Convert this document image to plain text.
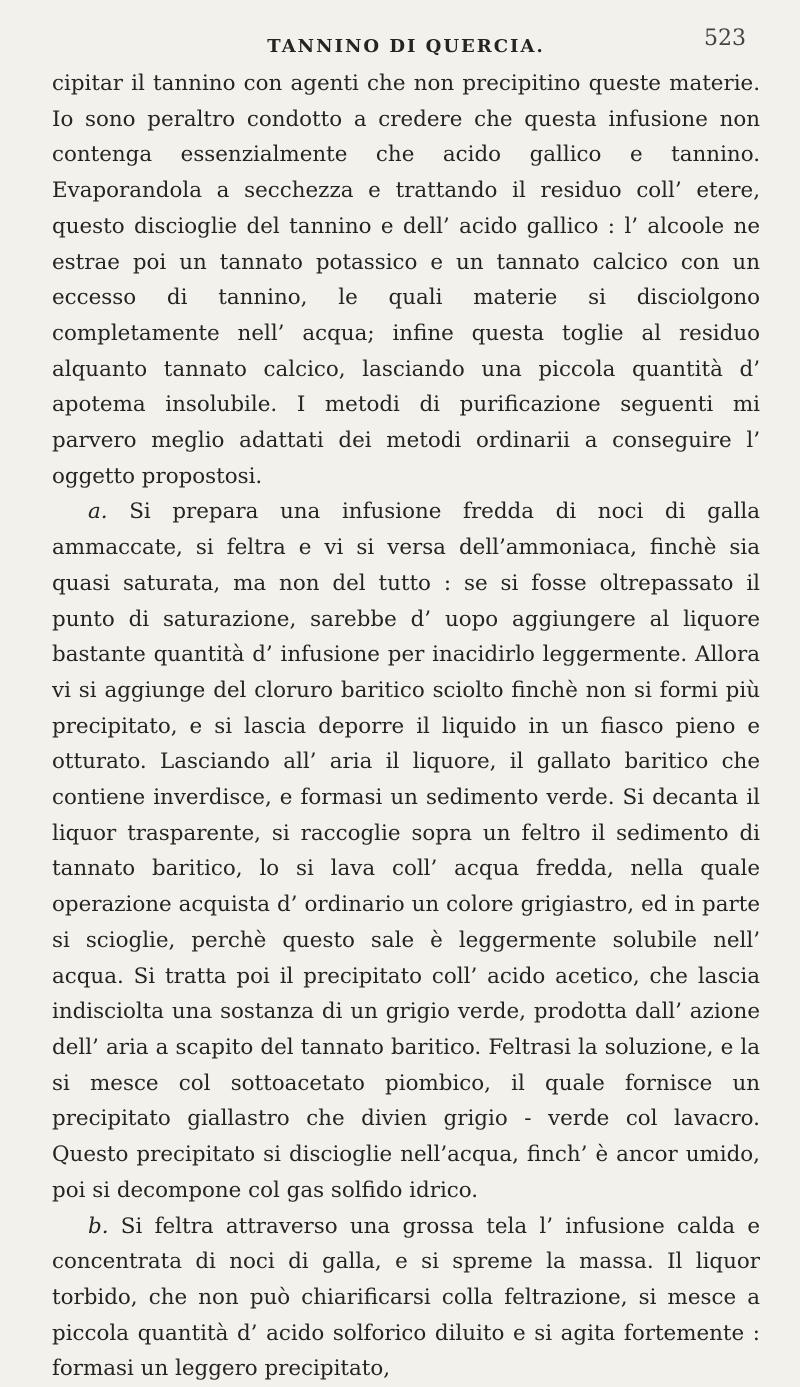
TANNINO DI QUERCIA.	523

cipitar il tannino con agenti che non precipitino queste materie. Io sono peraltro condotto a credere che questa infusione non contenga essenzialmente che acido gallico e tannino. Evaporandola a secchezza e trattando il residuo coll’ etere, questo discioglie del tannino e dell’ acido gallico : l’ alcoole ne estrae poi un tannato potassico e un tannato calcico con un eccesso di tannino, le quali materie si disciolgono completamente nell’ acqua; infine questa toglie al residuo alquanto tannato calcico, lasciando una piccola quantità d’ apotema insolubile. I metodi di purificazione seguenti mi parvero meglio adattati dei metodi ordinarii a conseguire l’ oggetto propostosi.

a. Si prepara una infusione fredda di noci di galla ammaccate, si feltra e vi si versa dell’ammoniaca, finchè sia quasi saturata, ma non del tutto : se si fosse oltrepassato il punto di saturazione, sarebbe d’ uopo aggiungere al liquore bastante quantità d’ infusione per inacidirlo leggermente. Allora vi si aggiunge del cloruro baritico sciolto finchè non si formi più precipitato, e si lascia deporre il liquido in un fiasco pieno e otturato. Lasciando all’ aria il liquore, il gallato baritico che contiene inverdisce, e formasi un sedimento verde. Si decanta il liquor trasparente, si raccoglie sopra un feltro il sedimento di tannato baritico, lo si lava coll’ acqua fredda, nella quale operazione acquista d’ ordinario un colore grigiastro, ed in parte si scioglie, perchè questo sale è leggermente solubile nell’ acqua. Si tratta poi il precipitato coll’ acido acetico, che lascia indisciolta una sostanza di un grigio verde, prodotta dall’ azione dell’ aria a scapito del tannato baritico. Feltrasi la soluzione, e la si mesce col sottoacetato piombico, il quale fornisce un precipitato giallastro che divien grigio - verde col lavacro. Questo precipitato si discioglie nell’acqua, finch’ è ancor umido, poi si decompone col gas solfido idrico.

b. Si feltra attraverso una grossa tela l’ infusione calda e concentrata di noci di galla, e si spreme la massa. Il liquor torbido, che non può chiarificarsi colla feltrazione, si mesce a piccola quantità d’ acido solforico diluito e si agita fortemente : formasi un leggero precipitato,
